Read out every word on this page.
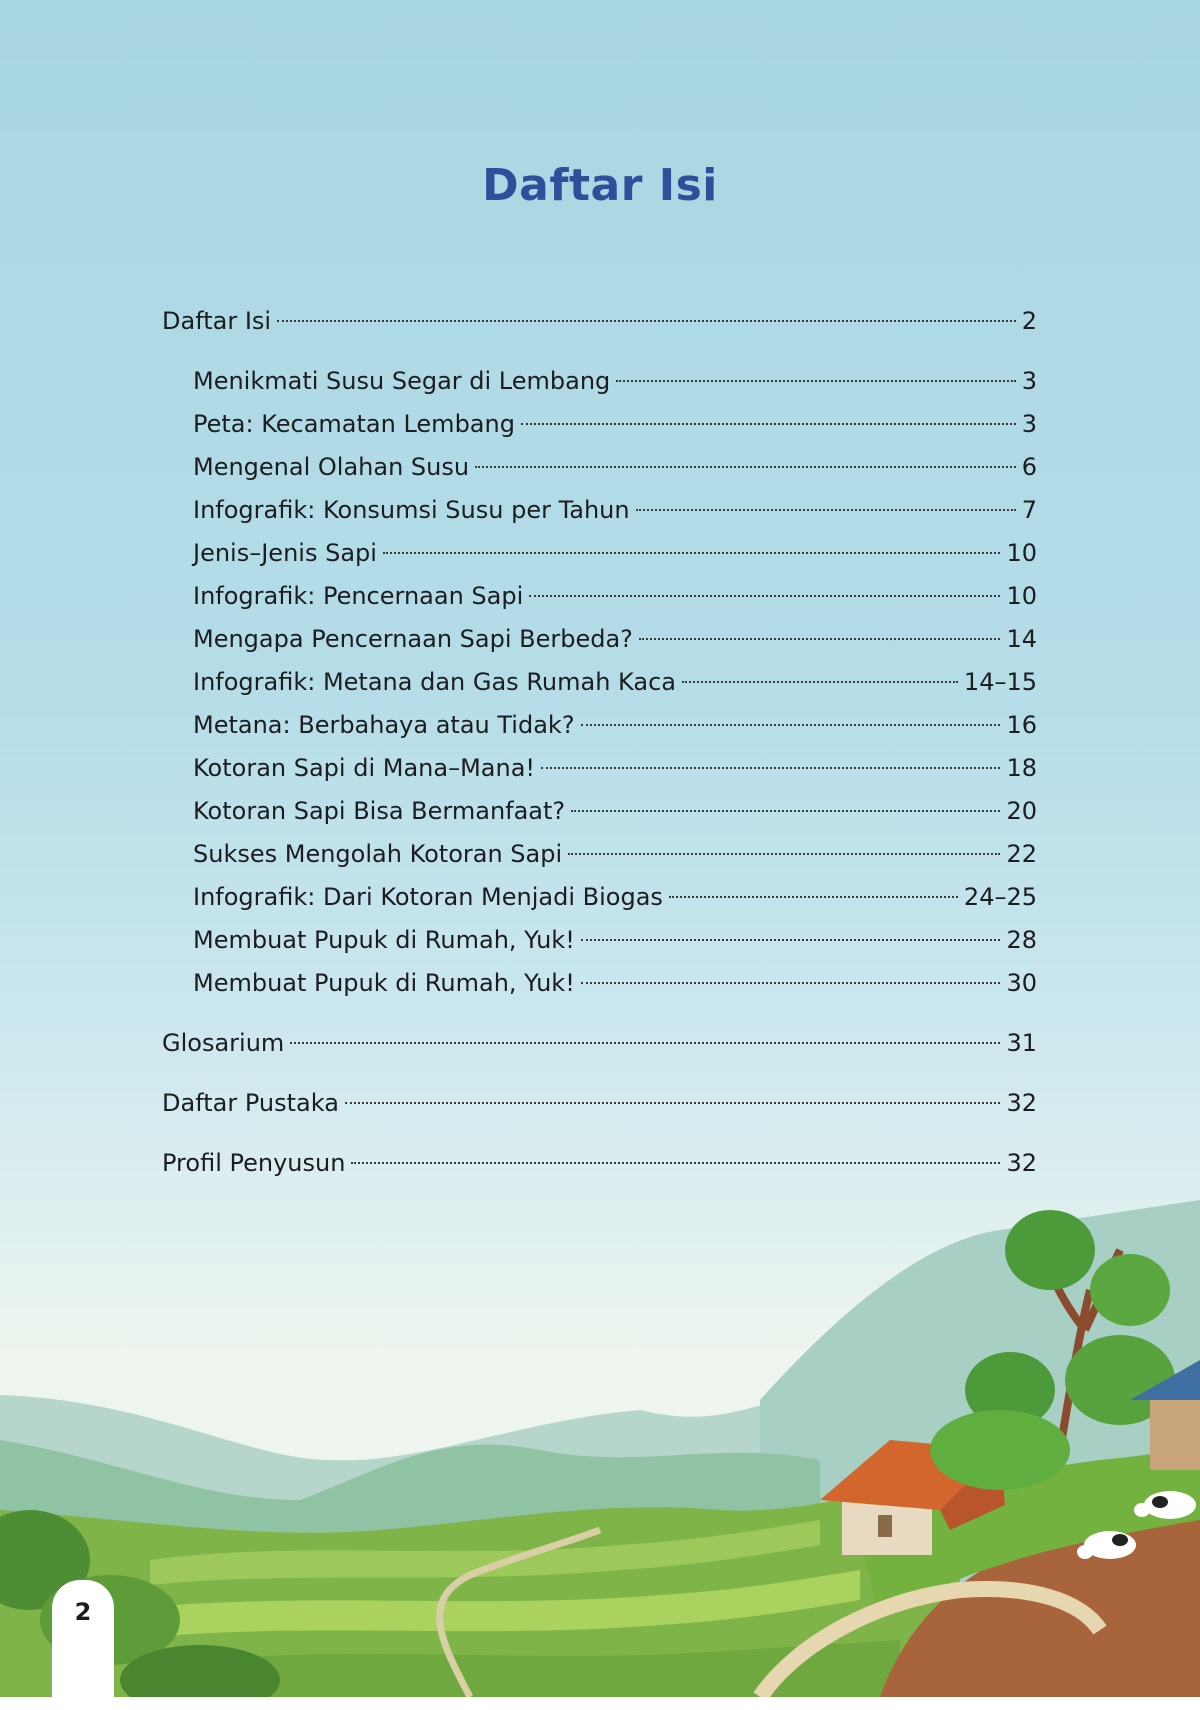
Daftar Isi
Daftar Isi	2
Menikmati Susu Segar di Lembang	3
Peta: Kecamatan Lembang	3
Mengenal Olahan Susu	6
Infografik: Konsumsi Susu per Tahun	7
Jenis–Jenis Sapi	10
Infografik: Pencernaan Sapi	10
Mengapa Pencernaan Sapi Berbeda?	14
Infografik: Metana dan Gas Rumah Kaca	14–15
Metana: Berbahaya atau Tidak?	16
Kotoran Sapi di Mana–Mana!	18
Kotoran Sapi Bisa Bermanfaat?	20
Sukses Mengolah Kotoran Sapi	22
Infografik: Dari Kotoran Menjadi Biogas	24–25
Membuat Pupuk di Rumah, Yuk!	28
Membuat Pupuk di Rumah, Yuk!	30
Glosarium	31
Daftar Pustaka	32
Profil Penyusun	32
2
